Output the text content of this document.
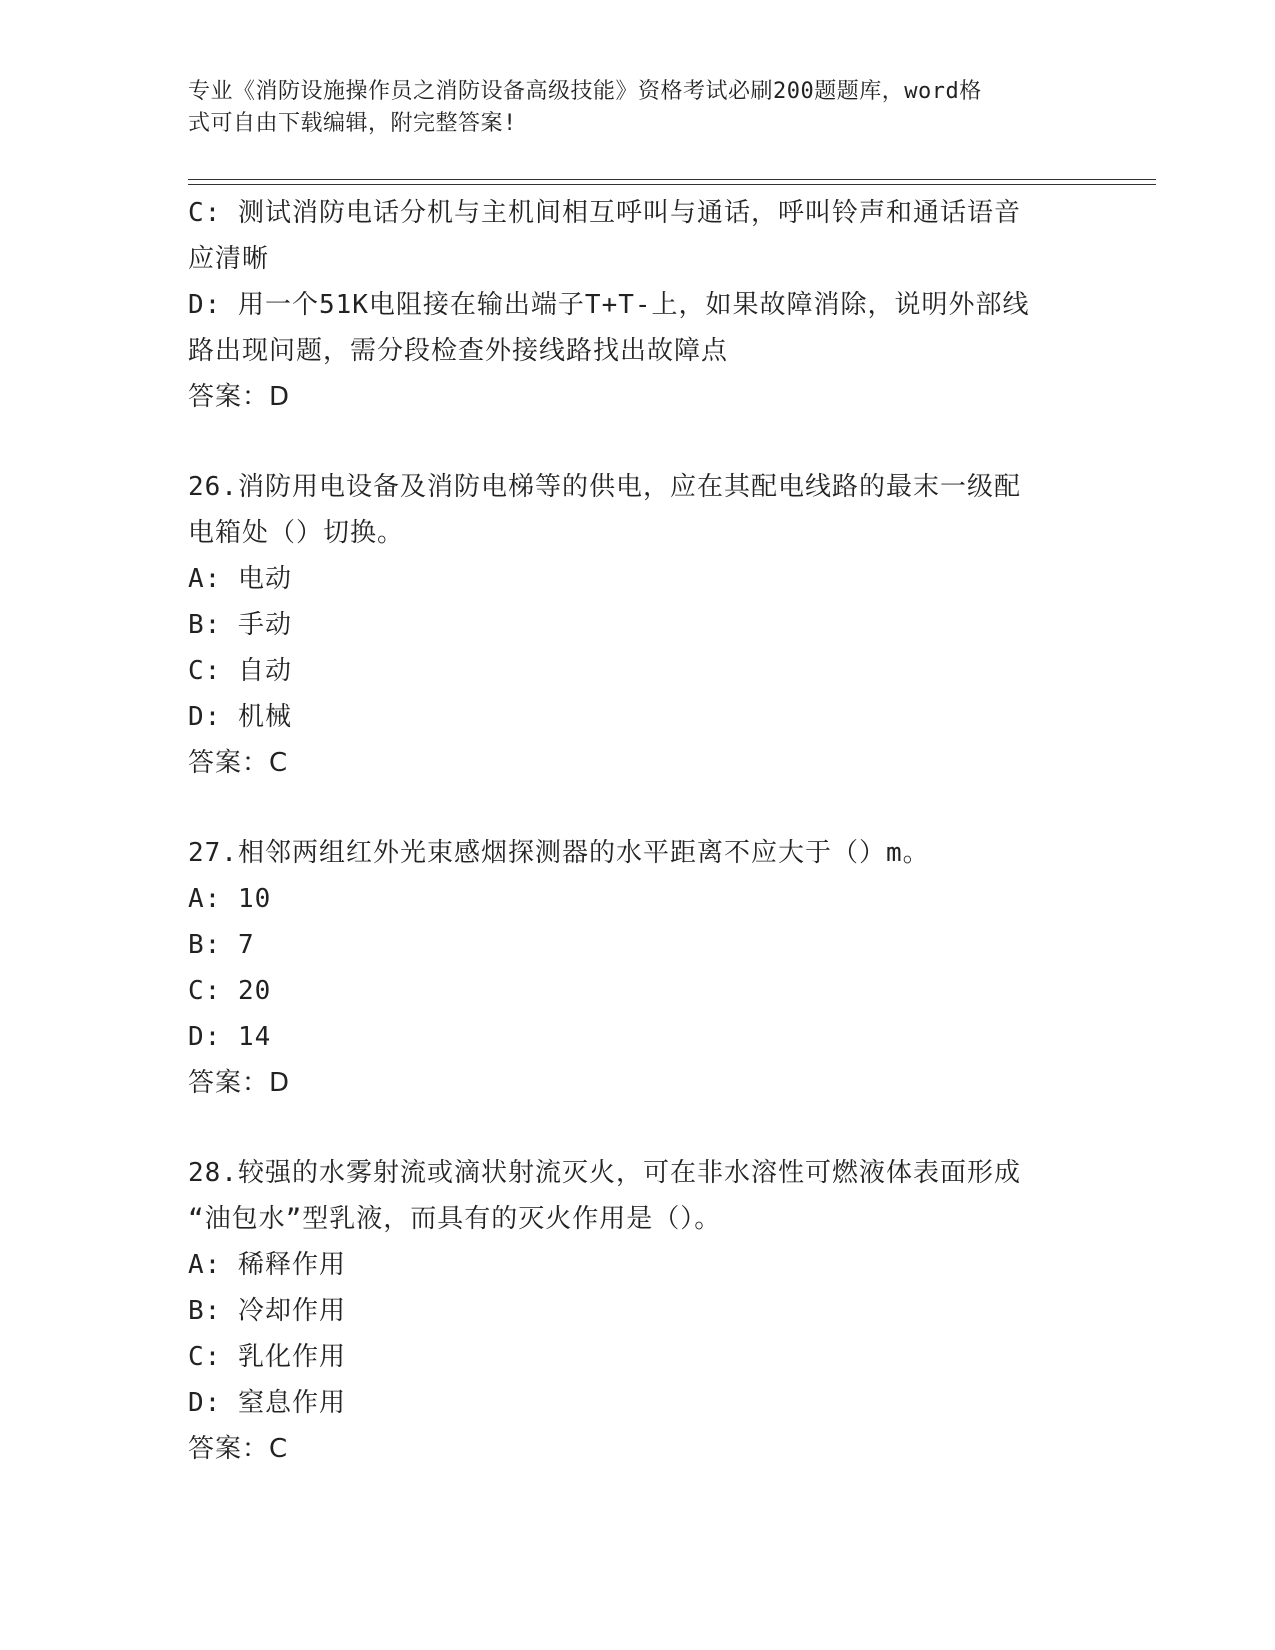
专业《消防设施操作员之消防设备高级技能》资格考试必刷200题题库，word格
式可自由下载编辑，附完整答案!
C: 测试消防电话分机与主机间相互呼叫与通话，呼叫铃声和通话语音
应清晰
D: 用一个51K电阻接在输出端子T+T-上，如果故障消除，说明外部线
路出现问题，需分段检查外接线路找出故障点
答案：D
26.消防用电设备及消防电梯等的供电，应在其配电线路的最末一级配
电箱处（）切换。
A: 电动
B: 手动
C: 自动
D: 机械
答案：C
27.相邻两组红外光束感烟探测器的水平距离不应大于（）m。
A: 10
B: 7
C: 20
D: 14
答案：D
28.较强的水雾射流或滴状射流灭火，可在非水溶性可燃液体表面形成
“油包水”型乳液，而具有的灭火作用是（）。
A: 稀释作用
B: 冷却作用
C: 乳化作用
D: 窒息作用
答案：C
